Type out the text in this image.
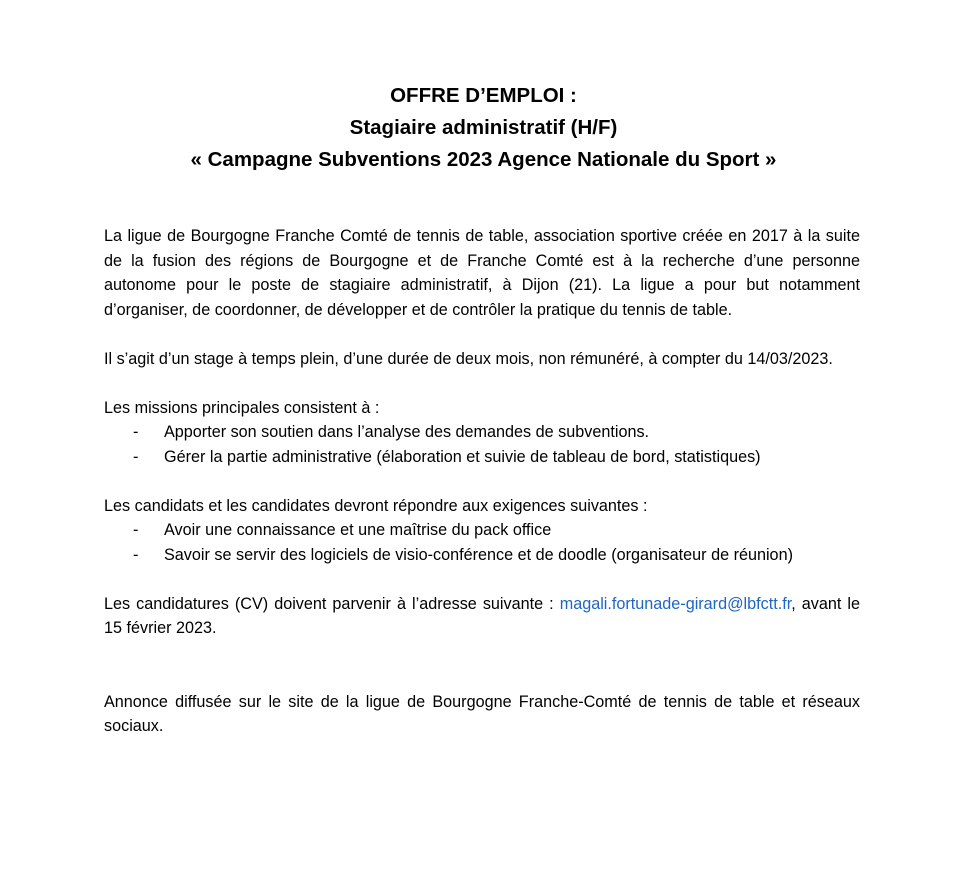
OFFRE D’EMPLOI :
Stagiaire administratif (H/F)
« Campagne Subventions 2023 Agence Nationale du Sport »

La ligue de Bourgogne Franche Comté de tennis de table, association sportive créée en 2017 à la suite de la fusion des régions de Bourgogne et de Franche Comté est à la recherche d’une personne autonome pour le poste de stagiaire administratif, à Dijon (21). La ligue a pour but notamment d’organiser, de coordonner, de développer et de contrôler la pratique du tennis de table.

Il s’agit d’un stage à temps plein, d’une durée de deux mois, non rémunéré, à compter du 14/03/2023.

Les missions principales consistent à :

- Apporter son soutien dans l’analyse des demandes de subventions.
- Gérer la partie administrative (élaboration et suivie de tableau de bord, statistiques)

Les candidats et les candidates devront répondre aux exigences suivantes :

- Avoir une connaissance et une maîtrise du pack office
- Savoir se servir des logiciels de visio-conférence et de doodle (organisateur de réunion)

Les candidatures (CV) doivent parvenir à l’adresse suivante : magali.fortunade-girard@lbfctt.fr, avant le 15 février 2023.

Annonce diffusée sur le site de la ligue de Bourgogne Franche-Comté de tennis de table et réseaux sociaux.
